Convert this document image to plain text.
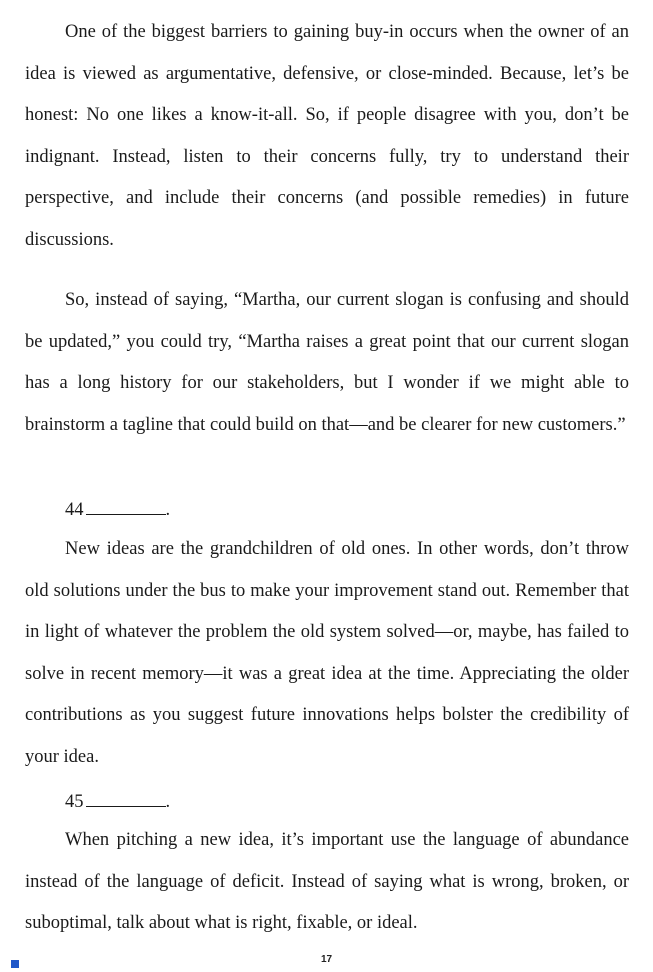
One of the biggest barriers to gaining buy-in occurs when the owner of an idea is viewed as argumentative, defensive, or close-minded. Because, let’s be honest: No one likes a know-it-all. So, if people disagree with you, don’t be indignant. Instead, listen to their concerns fully, try to understand their perspective, and include their concerns (and possible remedies) in future discussions.

So, instead of saying, “Martha, our current slogan is confusing and should be updated,” you could try, “Martha raises a great point that our current slogan has a long history for our stakeholders, but I wonder if we might able to brainstorm a tagline that could build on that—and be clearer for new customers.”

44	.

New ideas are the grandchildren of old ones. In other words, don’t throw old solutions under the bus to make your improvement stand out. Remember that in light of whatever the problem the old system solved—or, maybe, has failed to solve in recent memory—it was a great idea at the time. Appreciating the older contributions as you suggest future innovations helps bolster the credibility of your idea.

45	.

When pitching a new idea, it’s important use the language of abundance instead of the language of deficit. Instead of saying what is wrong, broken, or suboptimal, talk about what is right, fixable, or ideal.

17
